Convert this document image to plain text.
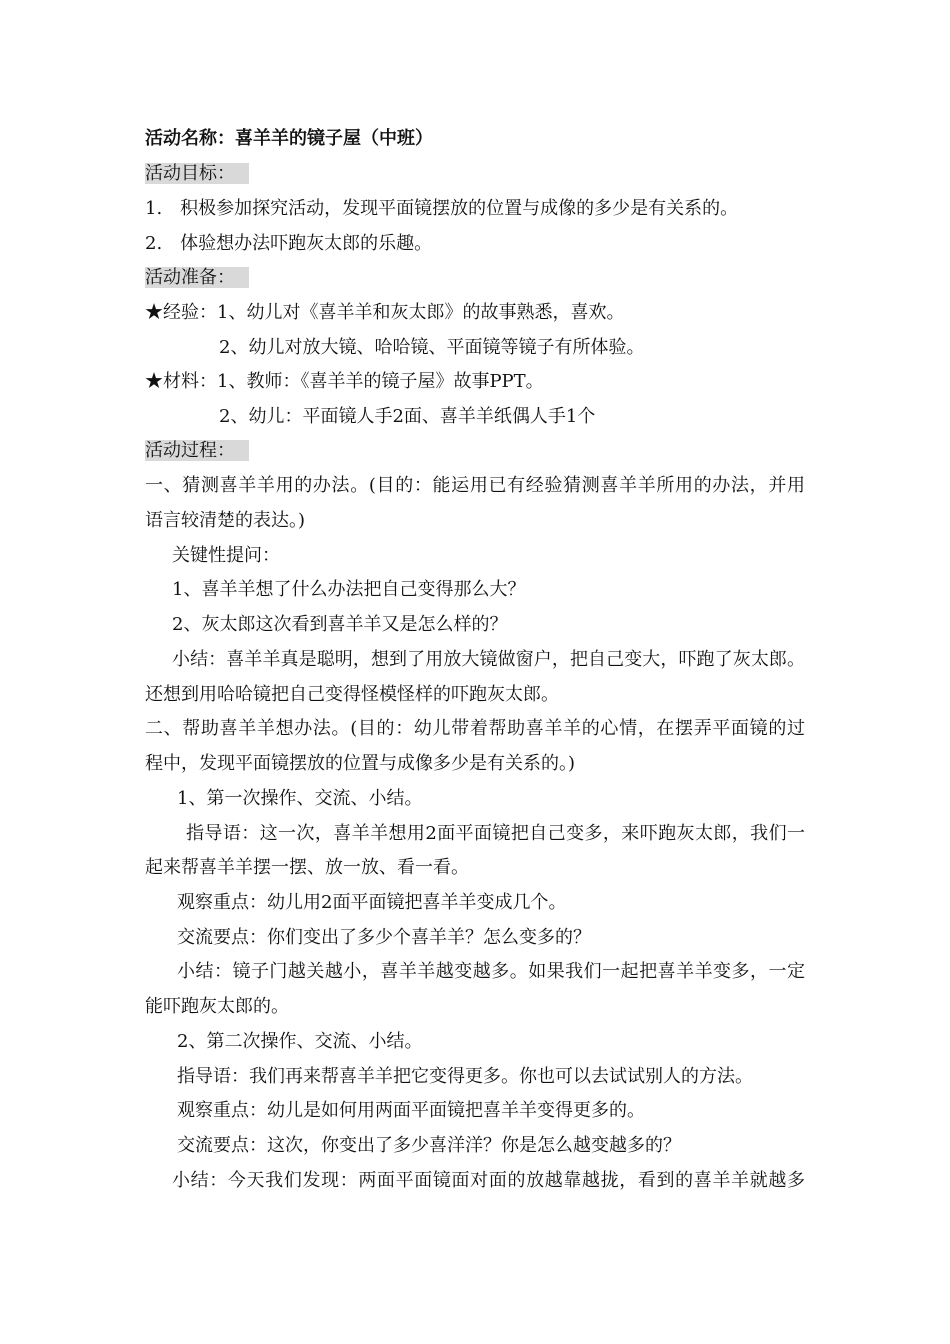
活动名称：喜羊羊的镜子屋（中班）
活动目标：
1.　积极参加探究活动，发现平面镜摆放的位置与成像的多少是有关系的。
2.　体验想办法吓跑灰太郎的乐趣。
活动准备：
★经验：1、幼儿对《喜羊羊和灰太郎》的故事熟悉，喜欢。
2、幼儿对放大镜、哈哈镜、平面镜等镜子有所体验。
★材料：1、教师：《喜羊羊的镜子屋》故事PPT。
2、幼儿：平面镜人手2面、喜羊羊纸偶人手1个
活动过程：
一、猜测喜羊羊用的办法。(目的：能运用已有经验猜测喜羊羊所用的办法，并用
语言较清楚的表达。)
关键性提问：
1、喜羊羊想了什么办法把自己变得那么大？
2、灰太郎这次看到喜羊羊又是怎么样的？
小结：喜羊羊真是聪明，想到了用放大镜做窗户，把自己变大，吓跑了灰太郎。
还想到用哈哈镜把自己变得怪模怪样的吓跑灰太郎。
二、帮助喜羊羊想办法。(目的：幼儿带着帮助喜羊羊的心情，在摆弄平面镜的过
程中，发现平面镜摆放的位置与成像多少是有关系的。)
1、第一次操作、交流、小结。
指导语：这一次，喜羊羊想用2面平面镜把自己变多，来吓跑灰太郎，我们一
起来帮喜羊羊摆一摆、放一放、看一看。
观察重点：幼儿用2面平面镜把喜羊羊变成几个。
交流要点：你们变出了多少个喜羊羊？怎么变多的？
小结：镜子门越关越小，喜羊羊越变越多。如果我们一起把喜羊羊变多，一定
能吓跑灰太郎的。
2、第二次操作、交流、小结。
指导语：我们再来帮喜羊羊把它变得更多。你也可以去试试别人的方法。
观察重点：幼儿是如何用两面平面镜把喜羊羊变得更多的。
交流要点：这次，你变出了多少喜洋洋？你是怎么越变越多的？
小结：今天我们发现：两面平面镜面对面的放越靠越拢，看到的喜羊羊就越多
